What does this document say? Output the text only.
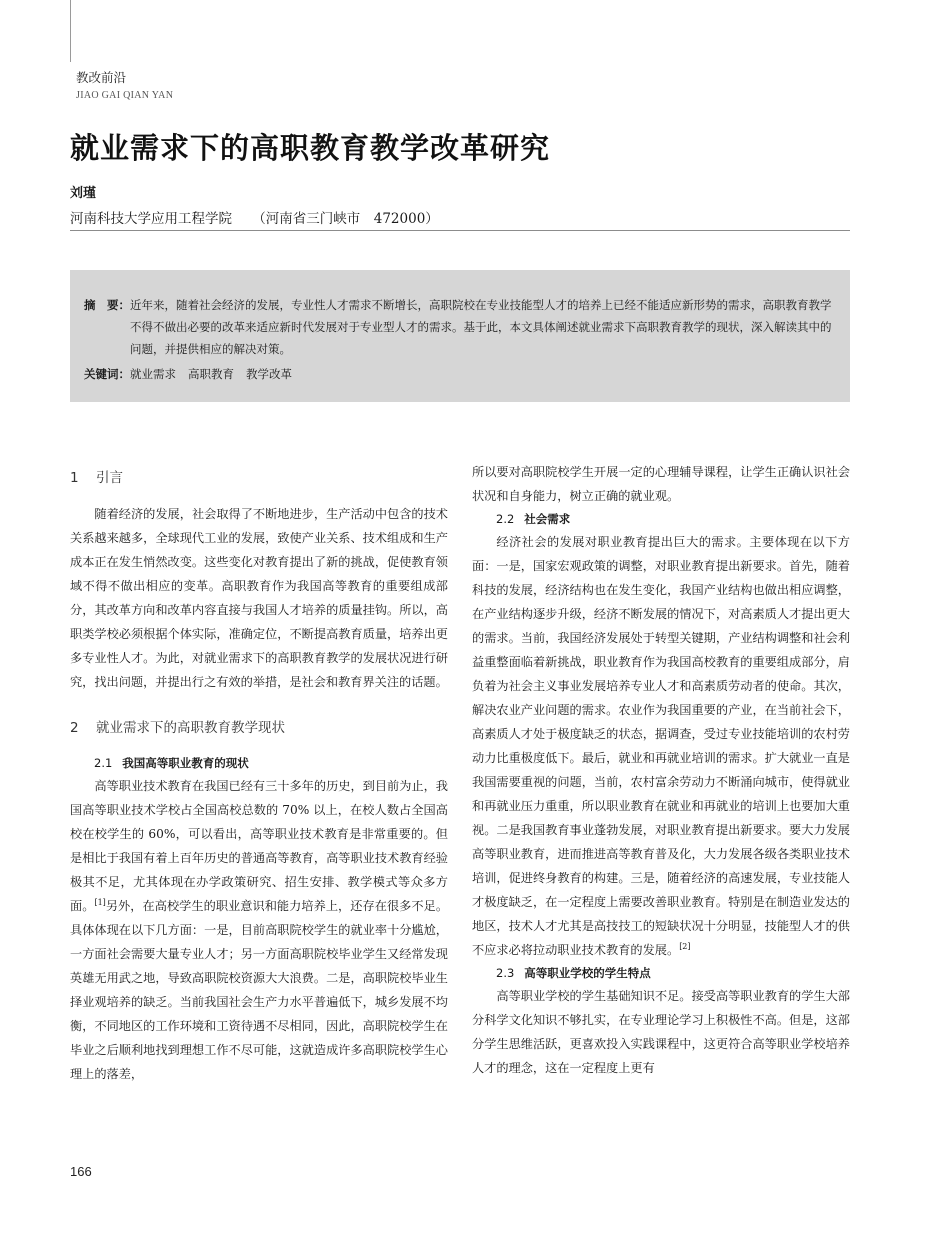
教改前沿
JIAO GAI QIAN YAN
就业需求下的高职教育教学改革研究
刘瑾
河南科技大学应用工程学院　　（河南省三门峡市　472000）
摘　要： 近年来，随着社会经济的发展，专业性人才需求不断增长，高职院校在专业技能型人才的培养上已经不能适应新形势的需求，高职教育教学不得不做出必要的改革来适应新时代发展对于专业型人才的需求。基于此，本文具体阐述就业需求下高职教育教学的现状，深入解读其中的问题，并提供相应的解决对策。
关键词： 就业需求 高职教育 教学改革
1 引言

随着经济的发展，社会取得了不断地进步，生产活动中包含的技术关系越来越多，全球现代工业的发展，致使产业关系、技术组成和生产成本正在发生悄然改变。这些变化对教育提出了新的挑战，促使教育领域不得不做出相应的变革。高职教育作为我国高等教育的重要组成部分，其改革方向和改革内容直接与我国人才培养的质量挂钩。所以，高职类学校必须根据个体实际，准确定位，不断提高教育质量，培养出更多专业性人才。为此，对就业需求下的高职教育教学的发展状况进行研究，找出问题，并提出行之有效的举措，是社会和教育界关注的话题。

2 就业需求下的高职教育教学现状
2.1 我国高等职业教育的现状

高等职业技术教育在我国已经有三十多年的历史，到目前为止，我国高等职业技术学校占全国高校总数的 70% 以上，在校人数占全国高校在校学生的 60%，可以看出，高等职业技术教育是非常重要的。但是相比于我国有着上百年历史的普通高等教育，高等职业技术教育经验极其不足，尤其体现在办学政策研究、招生安排、教学模式等众多方面。[1]另外，在高校学生的职业意识和能力培养上，还存在很多不足。具体体现在以下几方面：一是，目前高职院校学生的就业率十分尴尬，一方面社会需要大量专业人才；另一方面高职院校毕业学生又经常发现英雄无用武之地，导致高职院校资源大大浪费。二是，高职院校毕业生择业观培养的缺乏。当前我国社会生产力水平普遍低下，城乡发展不均衡，不同地区的工作环境和工资待遇不尽相同，因此，高职院校学生在毕业之后顺利地找到理想工作不尽可能，这就造成许多高职院校学生心理上的落差，

所以要对高职院校学生开展一定的心理辅导课程，让学生正确认识社会状况和自身能力，树立正确的就业观。

2.2 社会需求

经济社会的发展对职业教育提出巨大的需求。主要体现在以下方面：一是，国家宏观政策的调整，对职业教育提出新要求。首先，随着科技的发展，经济结构也在发生变化，我国产业结构也做出相应调整，在产业结构逐步升级，经济不断发展的情况下，对高素质人才提出更大的需求。当前，我国经济发展处于转型关键期，产业结构调整和社会利益重整面临着新挑战，职业教育作为我国高校教育的重要组成部分，肩负着为社会主义事业发展培养专业人才和高素质劳动者的使命。其次，解决农业产业问题的需求。农业作为我国重要的产业，在当前社会下，高素质人才处于极度缺乏的状态，据调查，受过专业技能培训的农村劳动力比重极度低下。最后，就业和再就业培训的需求。扩大就业一直是我国需要重视的问题，当前，农村富余劳动力不断涌向城市，使得就业和再就业压力重重，所以职业教育在就业和再就业的培训上也要加大重视。二是我国教育事业蓬勃发展，对职业教育提出新要求。要大力发展高等职业教育，进而推进高等教育普及化，大力发展各级各类职业技术培训，促进终身教育的构建。三是，随着经济的高速发展，专业技能人才极度缺乏，在一定程度上需要改善职业教育。特别是在制造业发达的地区，技术人才尤其是高技技工的短缺状况十分明显，技能型人才的供不应求必将拉动职业技术教育的发展。[2]

2.3 高等职业学校的学生特点

高等职业学校的学生基础知识不足。接受高等职业教育的学生大部分科学文化知识不够扎实，在专业理论学习上积极性不高。但是，这部分学生思维活跃，更喜欢投入实践课程中，这更符合高等职业学校培养人才的理念，这在一定程度上更有

166
